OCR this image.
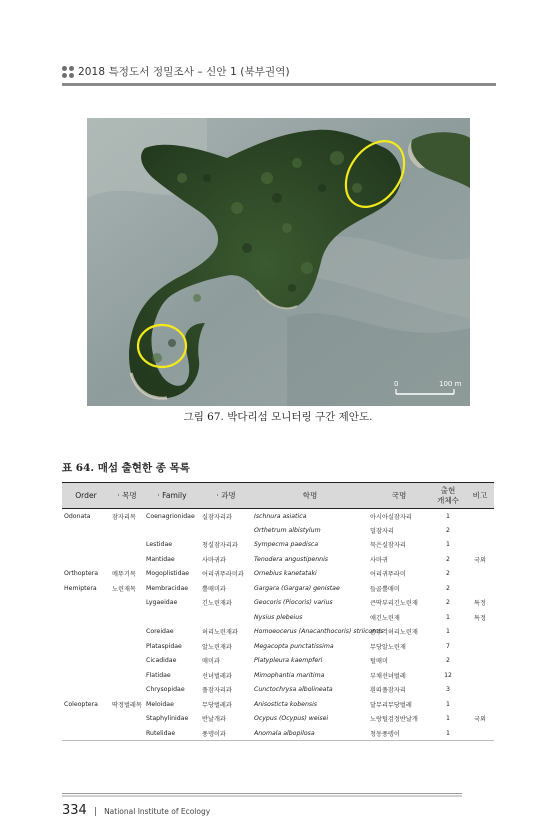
2018 특정도서 정밀조사 – 신안 1 (북부권역)
0	100 m
그림 67. 박다리섬 모니터링 구간 제안도.
표 64. 매섬 출현한 종 목록
Order	· 목명	· Family	· 과명	학명	국명	출현
개체수	비고
Odonata	잠자리목	Coenagrionidae	실잠자리과	Ischnura asiatica	아시아실잠자리	1	
				Orthetrum albistylum	밀잠자리	2	
		Lestidae	청실잠자리과	Sympecma paedisca	묵은실잠자리	1	
		Mantidae	사마귀과	Tenodera angustipennis	사마귀	2	국외
Orthoptera	메뚜기목	Mogoplistidae	어리귀뚜라미과	Ornebius kanetataki	어리귀뚜라미	2	
Hemiptera	노린재목	Membracidae	뿔매미과	Gargara (Gargara) genistae	들골뿔매미	2	
		Lygaeidae	긴노린재과	Geocoris (Piocoris) varius	큰딱부리긴노린재	2	특정
				Nysius plebeius	애긴노린재	1	특정
		Coreidae	허리노린재과	Homoeocerus (Anacanthocoris) striicornis	좀주걱허리노린재	1	
		Plataspidae	알노린재과	Megacopta punctatissima	무당알노린재	7	
		Cicadidae	매미과	Platypleura kaempferi	털매미	2	
		Flatidae	선녀벌레과	Mimophantia maritima	부채선녀벌레	12	
		Chrysopidae	풀잠자리과	Cunctochrysa albolineata	흰띠풀잠자리	3	
Coleoptera	딱정벌레목	Meloidae	무당벌레과	Anisosticta kobensis	달무리무당벌레	1	
		Staphylinidae	반날개과	Ocypus (Ocypus) weisei	노랑털검정반날개	1	국외
		Rutelidae	풍뎅이과	Anomala albopilosa	청동풍뎅이	1	
334 | National Institute of Ecology
